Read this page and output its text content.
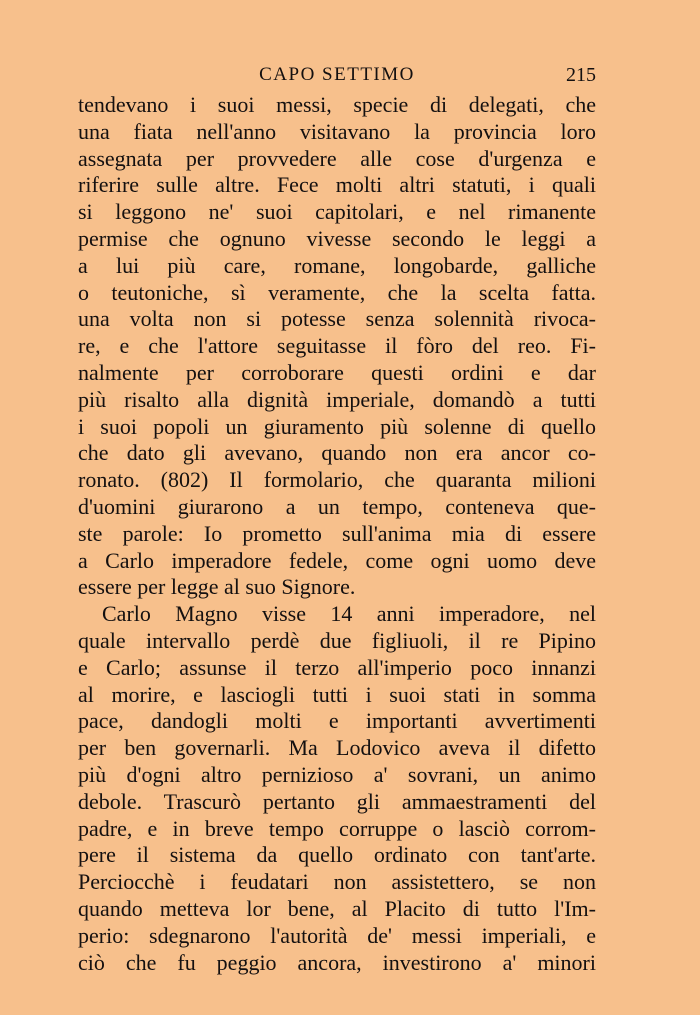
CAPO SETTIMO	215
tendevano i suoi messi, specie di delegati, che
una fiata nell'anno visitavano la provincia loro
assegnata per provvedere alle cose d'urgenza e
riferire sulle altre. Fece molti altri statuti, i quali
si leggono ne' suoi capitolari, e nel rimanente
permise che ognuno vivesse secondo le leggi a
a lui più care, romane, longobarde, galliche
o teutoniche, sì veramente, che la scelta fatta.
una volta non si potesse senza solennità rivoca-
re, e che l'attore seguitasse il fòro del reo. Fi-
nalmente per corroborare questi ordini e dar
più risalto alla dignità imperiale, domandò a tutti
i suoi popoli un giuramento più solenne di quello
che dato gli avevano, quando non era ancor co-
ronato. (802) Il formolario, che quaranta milioni
d'uomini giurarono a un tempo, conteneva que-
ste parole: Io prometto sull'anima mia di essere
a Carlo imperadore fedele, come ogni uomo deve
essere per legge al suo Signore.
Carlo Magno visse 14 anni imperadore, nel
quale intervallo perdè due figliuoli, il re Pipino
e Carlo; assunse il terzo all'imperio poco innanzi
al morire, e lasciogli tutti i suoi stati in somma
pace, dandogli molti e importanti avvertimenti
per ben governarli. Ma Lodovico aveva il difetto
più d'ogni altro pernizioso a' sovrani, un animo
debole. Trascurò pertanto gli ammaestramenti del
padre, e in breve tempo corruppe o lasciò corrom-
pere il sistema da quello ordinato con tant'arte.
Perciocchè i feudatari non assistettero, se non
quando metteva lor bene, al Placito di tutto l'Im-
perio: sdegnarono l'autorità de' messi imperiali, e
ciò che fu peggio ancora, investirono a' minori
